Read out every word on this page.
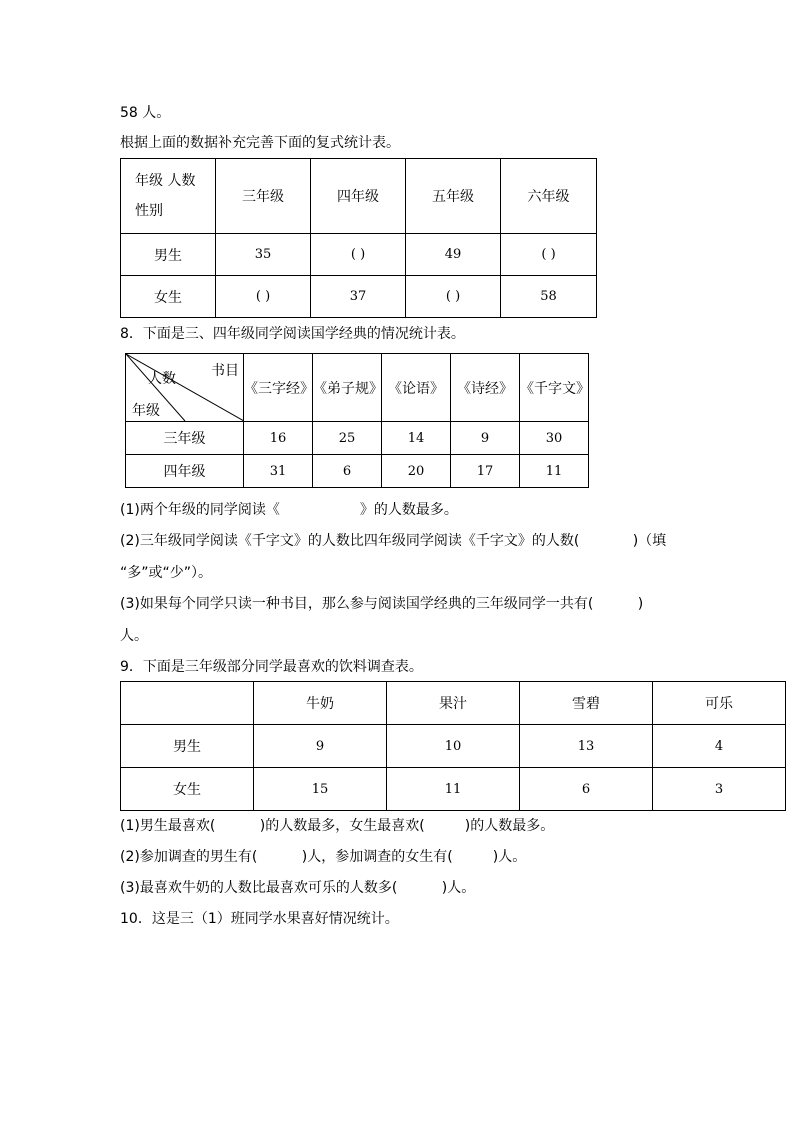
58 人。
根据上面的数据补充完善下面的复式统计表。
年级 人数
性别	三年级	四年级	五年级	六年级
男生	35	( )	49	( )
女生	( )	37	( )	58
8．下面是三、四年级同学阅读国学经典的情况统计表。
书目
人数
年级	《三字经》	《弟子规》	《论语》	《诗经》	《千字文》
三年级	16	25	14	9	30
四年级	31	6	20	17	11
(1)两个年级的同学阅读《                  》的人数最多。
(2)三年级同学阅读《千字文》的人数比四年级同学阅读《千字文》的人数(            )（填
“多”或“少”）。
(3)如果每个同学只读一种书目，那么参与阅读国学经典的三年级同学一共有(          )
人。
9．下面是三年级部分同学最喜欢的饮料调查表。
	牛奶	果汁	雪碧	可乐
男生	9	10	13	4
女生	15	11	6	3
(1)男生最喜欢(          )的人数最多，女生最喜欢(         )的人数最多。
(2)参加调查的男生有(          )人，参加调查的女生有(         )人。
(3)最喜欢牛奶的人数比最喜欢可乐的人数多(          )人。
10．这是三（1）班同学水果喜好情况统计。
